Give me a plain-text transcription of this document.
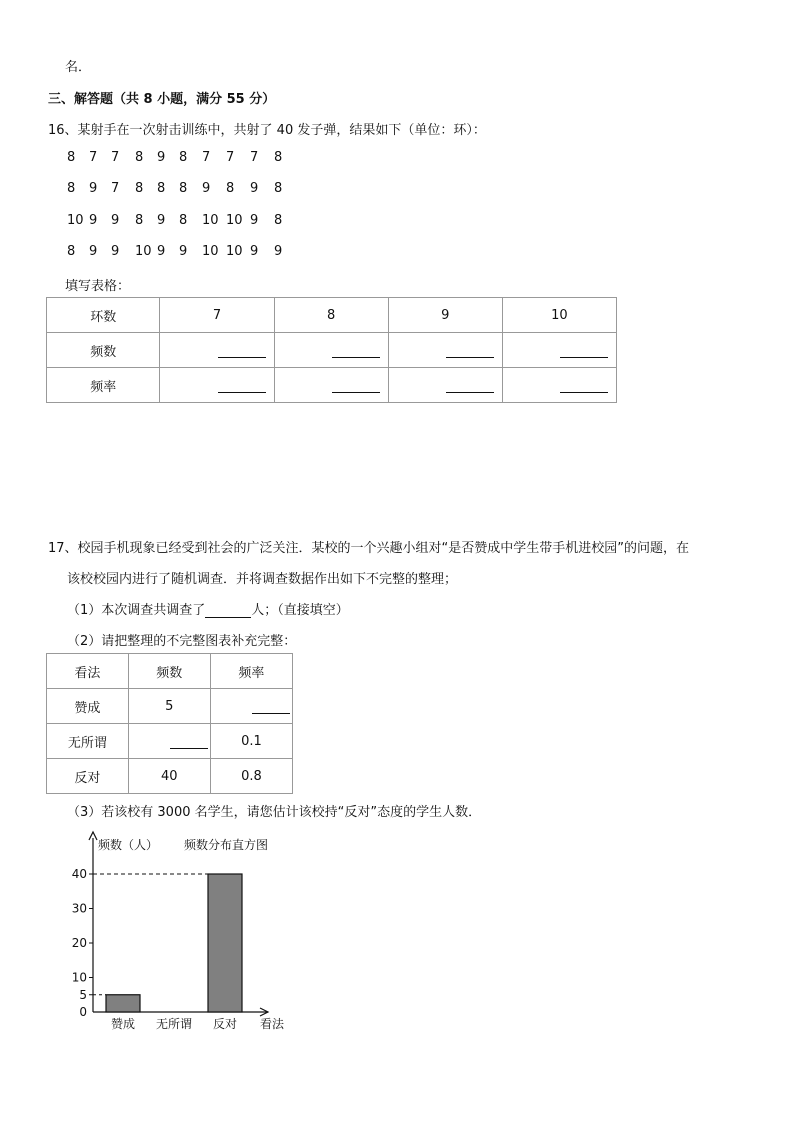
名．
三、解答题（共 8 小题，满分 55 分）
16、某射手在一次射击训练中，共射了 40 发子弹，结果如下（单位：环）：
8 7 7 8 9 8 7 7 7 8
8 9 7 8 8 8 9 8 9 8
10 9 9 8 9 8 10 10 9 8
8 9 9 10 9 9 10 10 9 9
填写表格：
环数	7	8	9	10
频数				
频率				
17、校园手机现象已经受到社会的广泛关注．某校的一个兴趣小组对“是否赞成中学生带手机进校园”的问题，在
该校校园内进行了随机调查．并将调查数据作出如下不完整的整理；
（1）本次调查共调查了	人；（直接填空）
（2）请把整理的不完整图表补充完整：
看法	频数	频率
赞成	5	
无所谓		0.1
反对	40	0.8
（3）若该校有 3000 名学生，请您估计该校持“反对”态度的学生人数．
0
5
10
20
30
40
赞成 无所谓 反对 看法
频数（人） 频数分布直方图
